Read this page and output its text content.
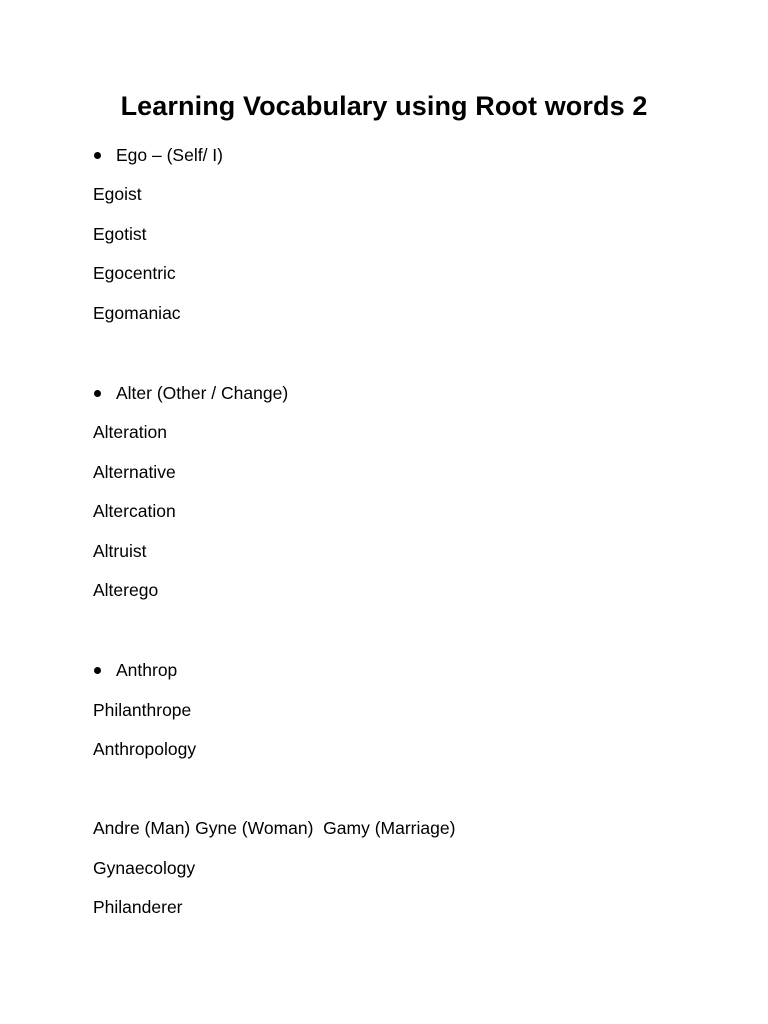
Learning Vocabulary using Root words 2
Ego – (Self/ I)
Egoist
Egotist
Egocentric
Egomaniac
Alter (Other / Change)
Alteration
Alternative
Altercation
Altruist
Alterego
Anthrop
Philanthrope
Anthropology
Andre (Man) Gyne (Woman)  Gamy (Marriage)
Gynaecology
Philanderer
